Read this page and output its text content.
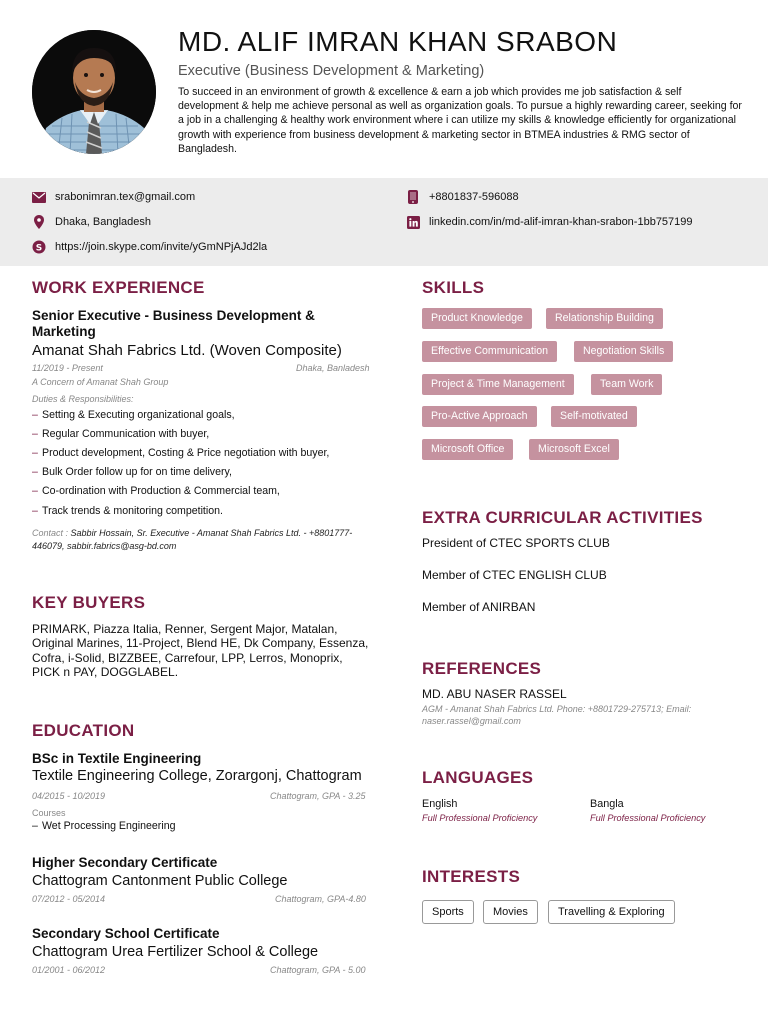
MD. ALIF IMRAN KHAN SRABON
Executive (Business Development & Marketing)

To succeed in an environment of growth & excellence & earn a job which provides me job satisfaction & self development & help me achieve personal as well as organization goals. To pursue a highly rewarding career, seeking for a job in a challenging & healthy work environment where i can utilize my skills & knowledge efficiently for organizational growth with experience from business development & marketing sector in BTMEA industries & RMG sector of Bangladesh.

srabonimran.tex@gmail.com
Dhaka, Bangladesh
S https://join.skype.com/invite/yGmNPjAJd2la
+8801837-596088
linkedin.com/in/md-alif-imran-khan-srabon-1bb757199
WORK EXPERIENCE
Senior Executive - Business Development & Marketing
Amanat Shah Fabrics Ltd. (Woven Composite)
11/2019 - Present	Dhaka, Banladesh
A Concern of Amanat Shah Group
Duties & Responsibilities:
– Setting & Executing organizational goals,
– Regular Communication with buyer,
– Product development, Costing & Price negotiation with buyer,
– Bulk Order follow up for on time delivery,
– Co-ordination with Production & Commercial team,
– Track trends & monitoring competition.
Contact : Sabbir Hossain, Sr. Executive - Amanat Shah Fabrics Ltd. - +8801777-446079, sabbir.fabrics@asg-bd.com
KEY BUYERS

PRIMARK, Piazza Italia, Renner, Sergent Major, Matalan, Original Marines, 11-Project, Blend HE, Dk Company, Essenza, Cofra, i-Solid, BIZZBEE, Carrefour, LPP, Lerros, Monoprix, PICK n PAY, DOGGLABEL.

EDUCATION
BSc in Textile Engineering
Textile Engineering College, Zorargonj, Chattogram
04/2015 - 10/2019	Chattogram, GPA - 3.25
Courses
– Wet Processing Engineering
Higher Secondary Certificate
Chattogram Cantonment Public College
07/2012 - 05/2014	Chattogram, GPA-4.80
Secondary School Certificate
Chattogram Urea Fertilizer School & College
01/2001 - 06/2012	Chattogram, GPA - 5.00
SKILLS
Product Knowledge	Relationship Building
Effective Communication	Negotiation Skills
Project & Time Management	Team Work
Pro-Active Approach	Self-motivated
Microsoft Office	Microsoft Excel
EXTRA CURRICULAR ACTIVITIES
President of CTEC SPORTS CLUB
Member of CTEC ENGLISH CLUB
Member of ANIRBAN
REFERENCES
MD. ABU NASER RASSEL
AGM - Amanat Shah Fabrics Ltd. Phone: +8801729-275713; Email: naser.rassel@gmail.com
LANGUAGES
English
Full Professional Proficiency
Bangla
Full Professional Proficiency
INTERESTS
Sports	Movies	Travelling & Exploring
